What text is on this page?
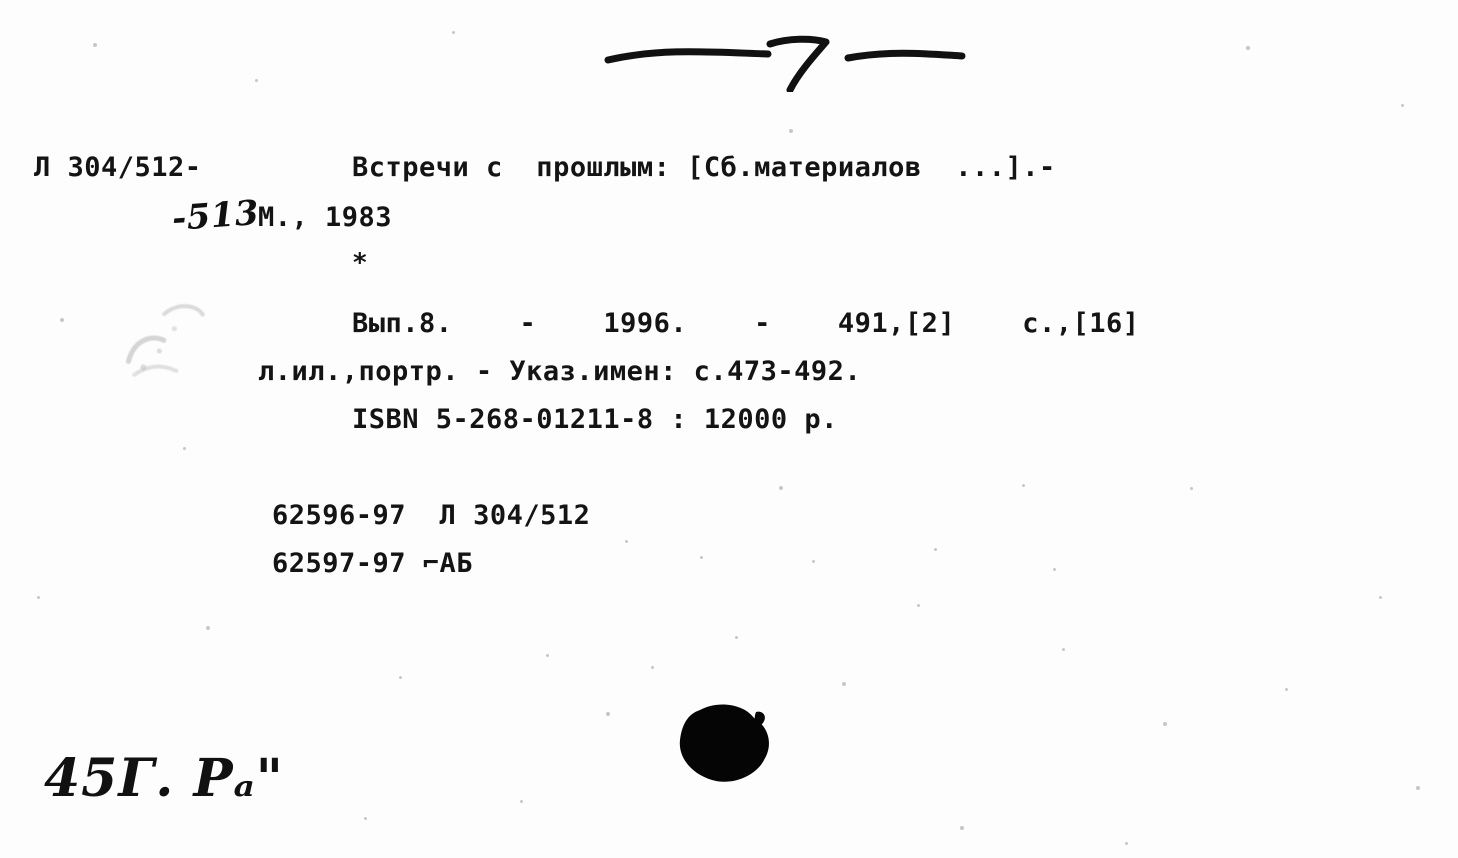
Л 304/512-
-513
Встречи с  прошлым: [Сб.материалов  ...].-
М., 1983
*
Вып.8.    -    1996.    -    491,[2]    с.,[16]
л.ил.,портр. - Указ.имен: с.473-492.
ISBN 5-268-01211-8 : 12000 р.
62596-97  Л 304/512
62597-97 ⌐АБ
45Г. Рₐ"
